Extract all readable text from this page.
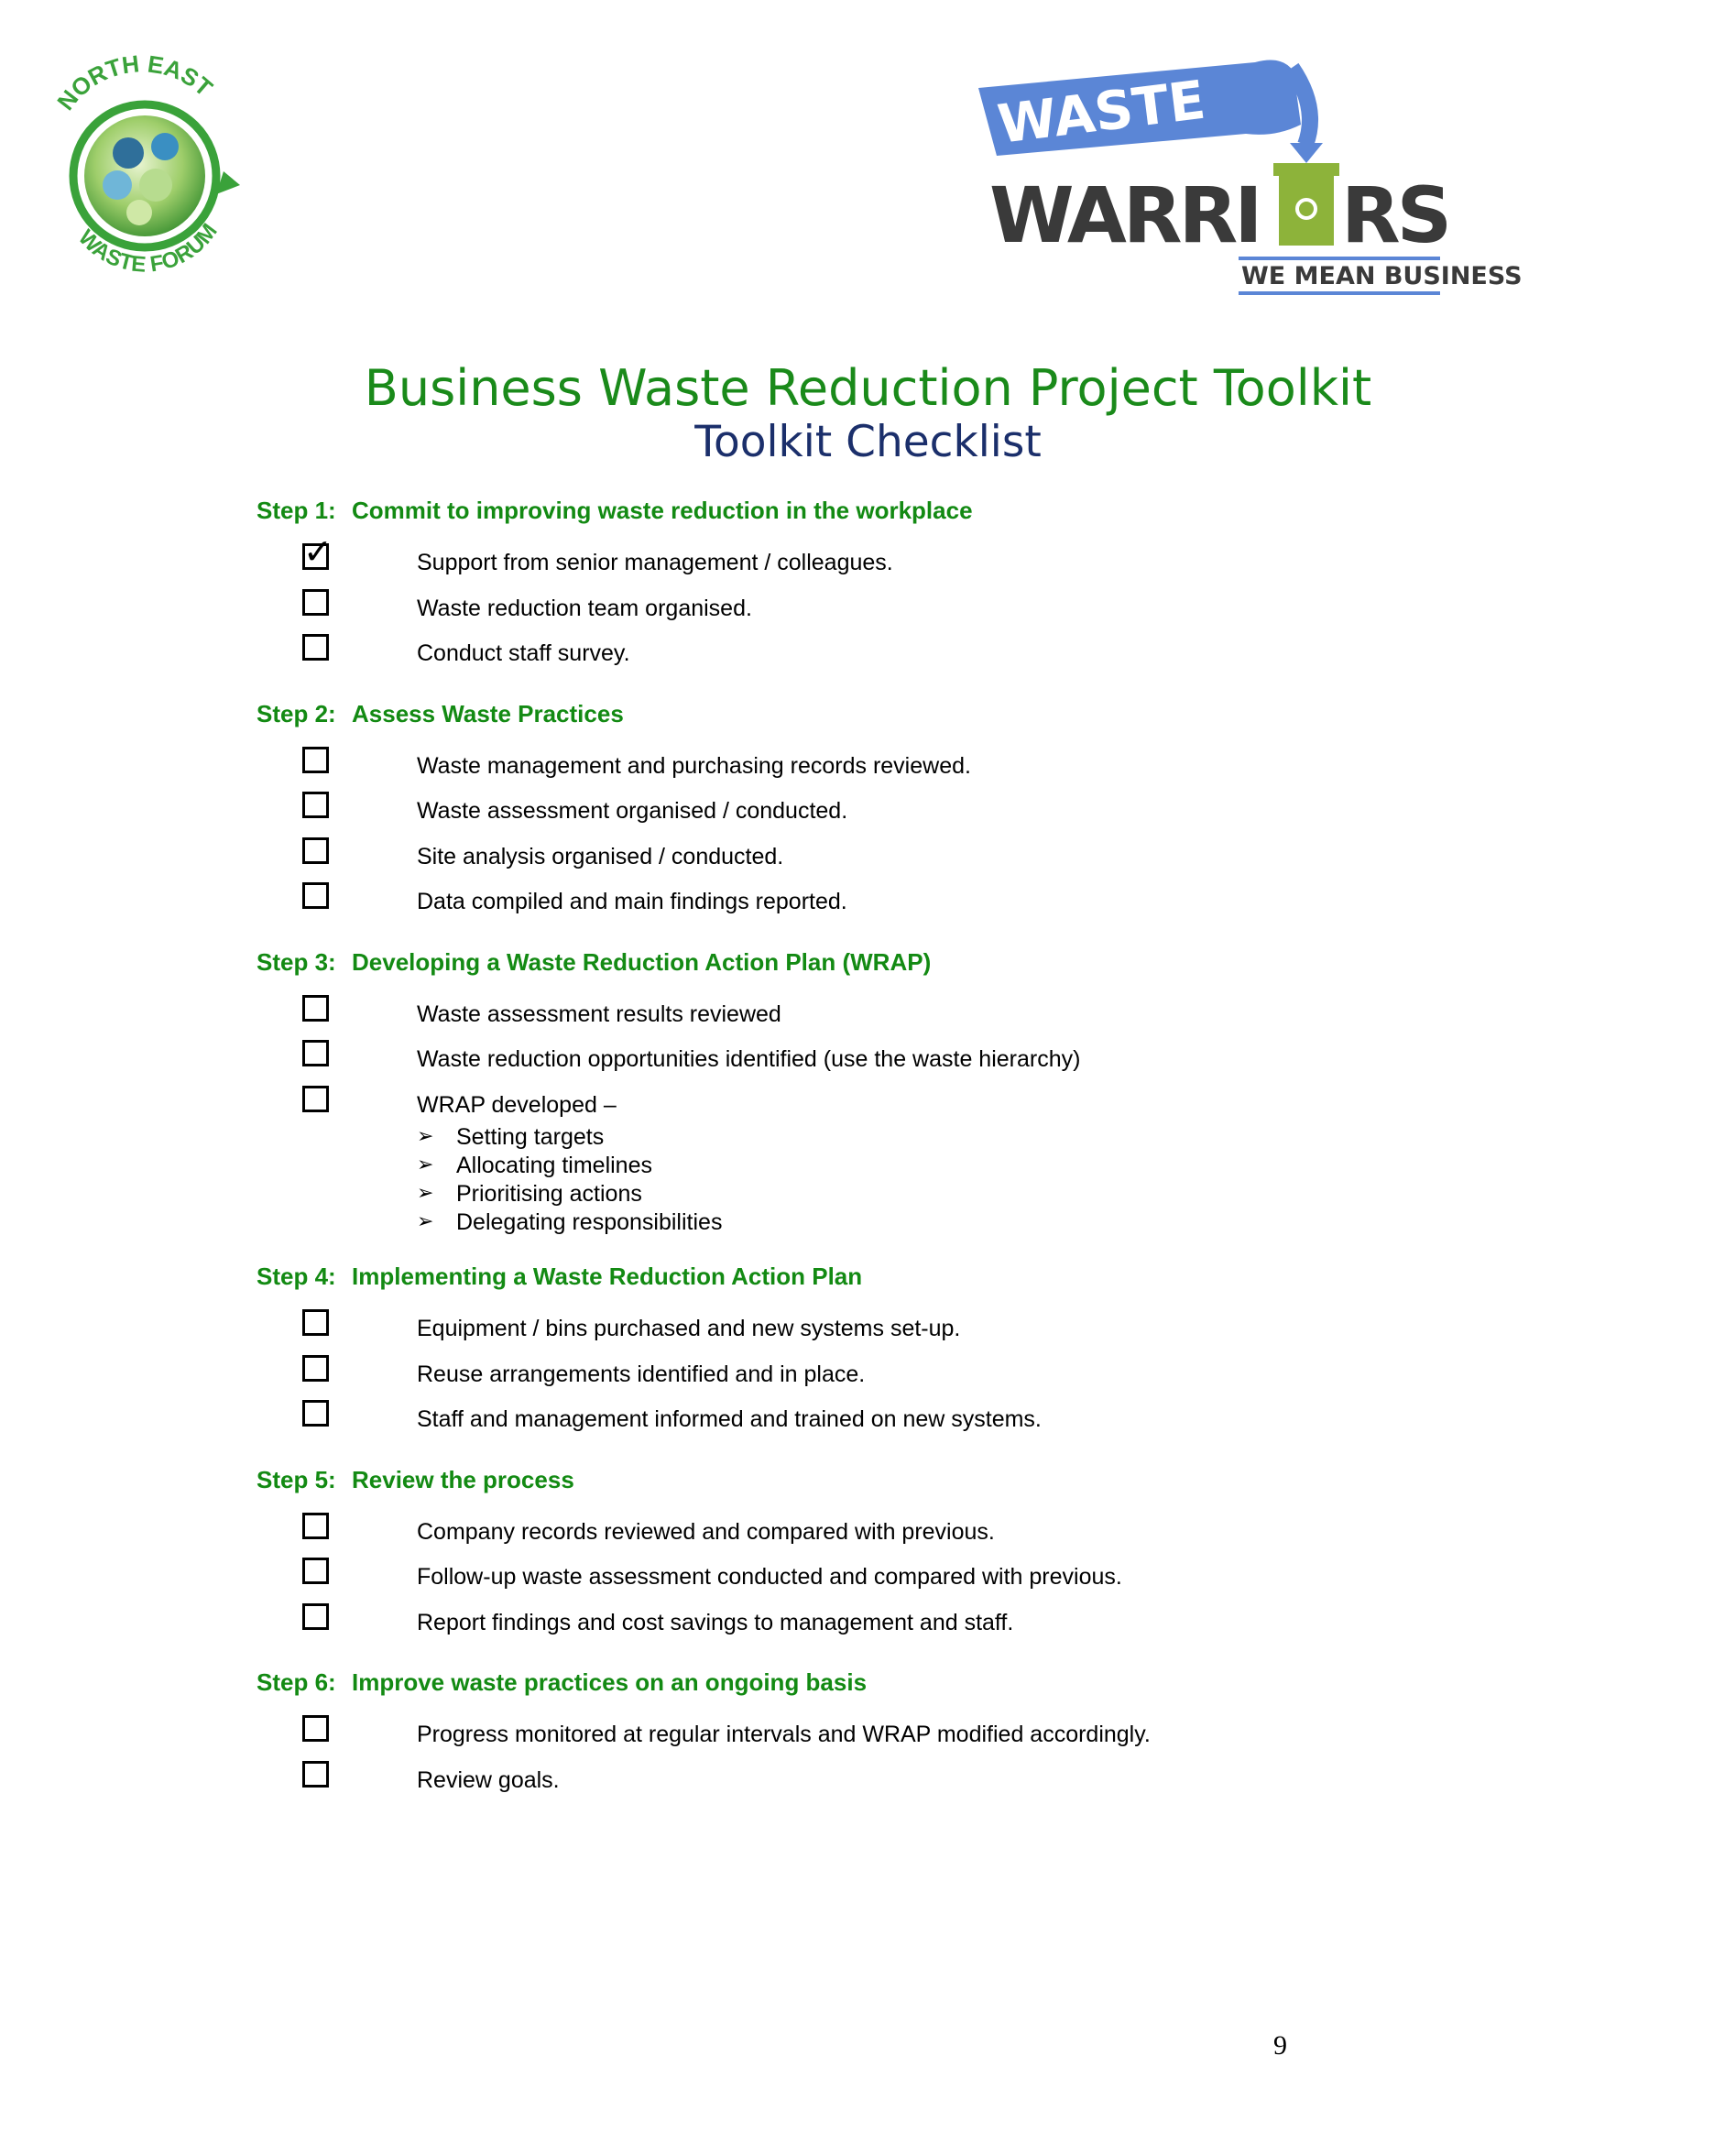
NORTH EAST
WASTE FORUM
WASTE
WARRI RS
WE MEAN BUSINESS
Business Waste Reduction Project Toolkit
Toolkit Checklist
Step 1: Commit to improving waste reduction in the workplace
✓	Support from senior management / colleagues.
Waste reduction team organised.
Conduct staff survey.
Step 2: Assess Waste Practices
Waste management and purchasing records reviewed.
Waste assessment organised / conducted.
Site analysis organised / conducted.
Data compiled and main findings reported.
Step 3: Developing a Waste Reduction Action Plan (WRAP)
Waste assessment results reviewed
Waste reduction opportunities identified (use the waste hierarchy)
WRAP developed –
➢ Setting targets
➢ Allocating timelines
➢ Prioritising actions
➢ Delegating responsibilities
Step 4: Implementing a Waste Reduction Action Plan
Equipment / bins purchased and new systems set-up.
Reuse arrangements identified and in place.
Staff and management informed and trained on new systems.
Step 5: Review the process
Company records reviewed and compared with previous.
Follow-up waste assessment conducted and compared with previous.
Report findings and cost savings to management and staff.
Step 6: Improve waste practices on an ongoing basis
Progress monitored at regular intervals and WRAP modified accordingly.
Review goals.
9
